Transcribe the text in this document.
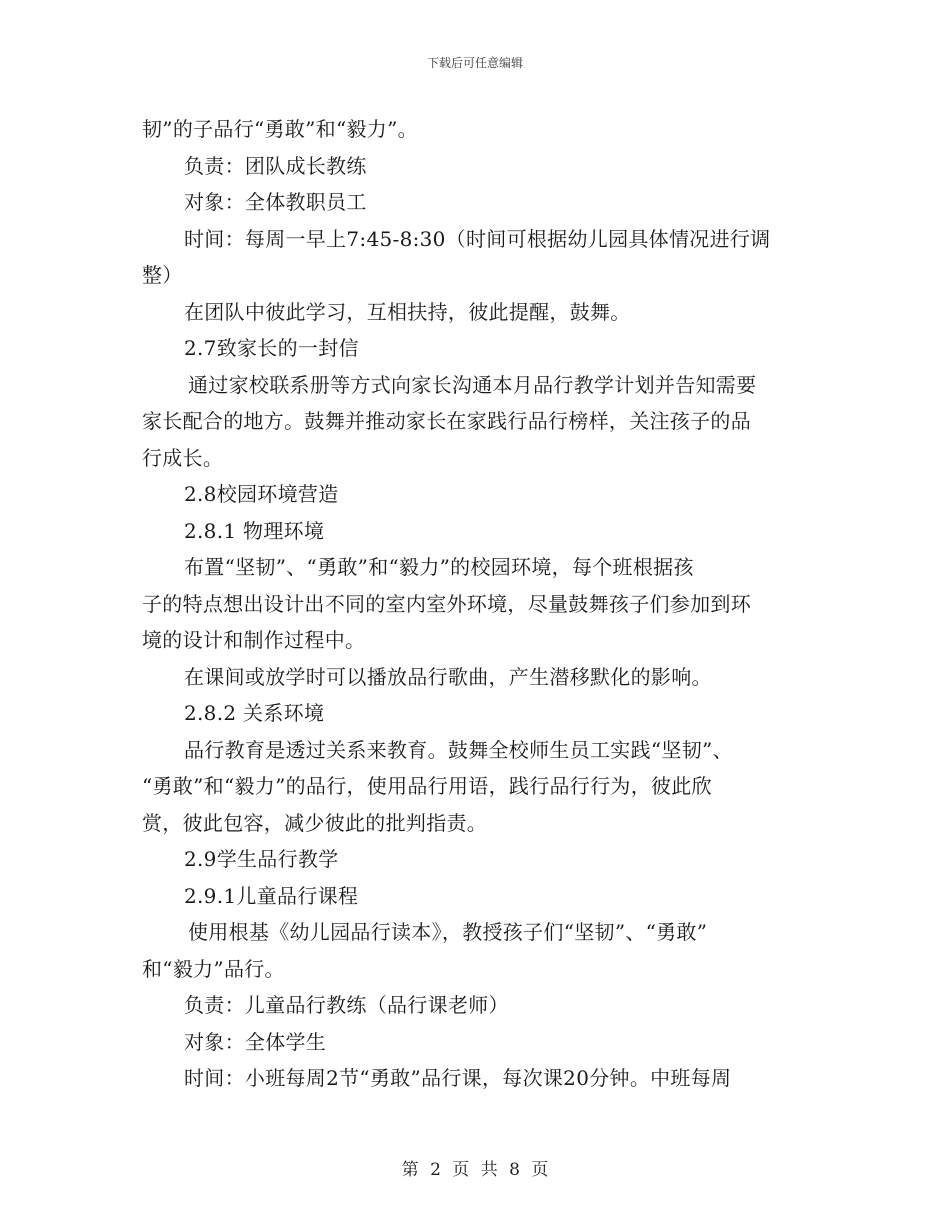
下载后可任意编辑
韧”的子品行“勇敢”和“毅力”。
负责：团队成长教练
对象：全体教职员工
时间：每周一早上7:45-8:30（时间可根据幼儿园具体情况进行调
整）
在团队中彼此学习，互相扶持，彼此提醒，鼓舞。
2.7致家长的一封信
通过家校联系册等方式向家长沟通本月品行教学计划并告知需要
家长配合的地方。鼓舞并推动家长在家践行品行榜样，关注孩子的品
行成长。
2.8校园环境营造
2.8.1 物理环境
布置“坚韧”、“勇敢”和“毅力”的校园环境，每个班根据孩
子的特点想出设计出不同的室内室外环境，尽量鼓舞孩子们参加到环
境的设计和制作过程中。
在课间或放学时可以播放品行歌曲，产生潜移默化的影响。
2.8.2 关系环境
品行教育是透过关系来教育。鼓舞全校师生员工实践“坚韧”、
“勇敢”和“毅力”的品行，使用品行用语，践行品行行为，彼此欣
赏，彼此包容，减少彼此的批判指责。
2.9学生品行教学
2.9.1儿童品行课程
使用根基《幼儿园品行读本》，教授孩子们“坚韧”、“勇敢”
和“毅力”品行。
负责：儿童品行教练（品行课老师）
对象：全体学生
时间：小班每周2节“勇敢”品行课，每次课20分钟。中班每周
第 2 页 共 8 页
